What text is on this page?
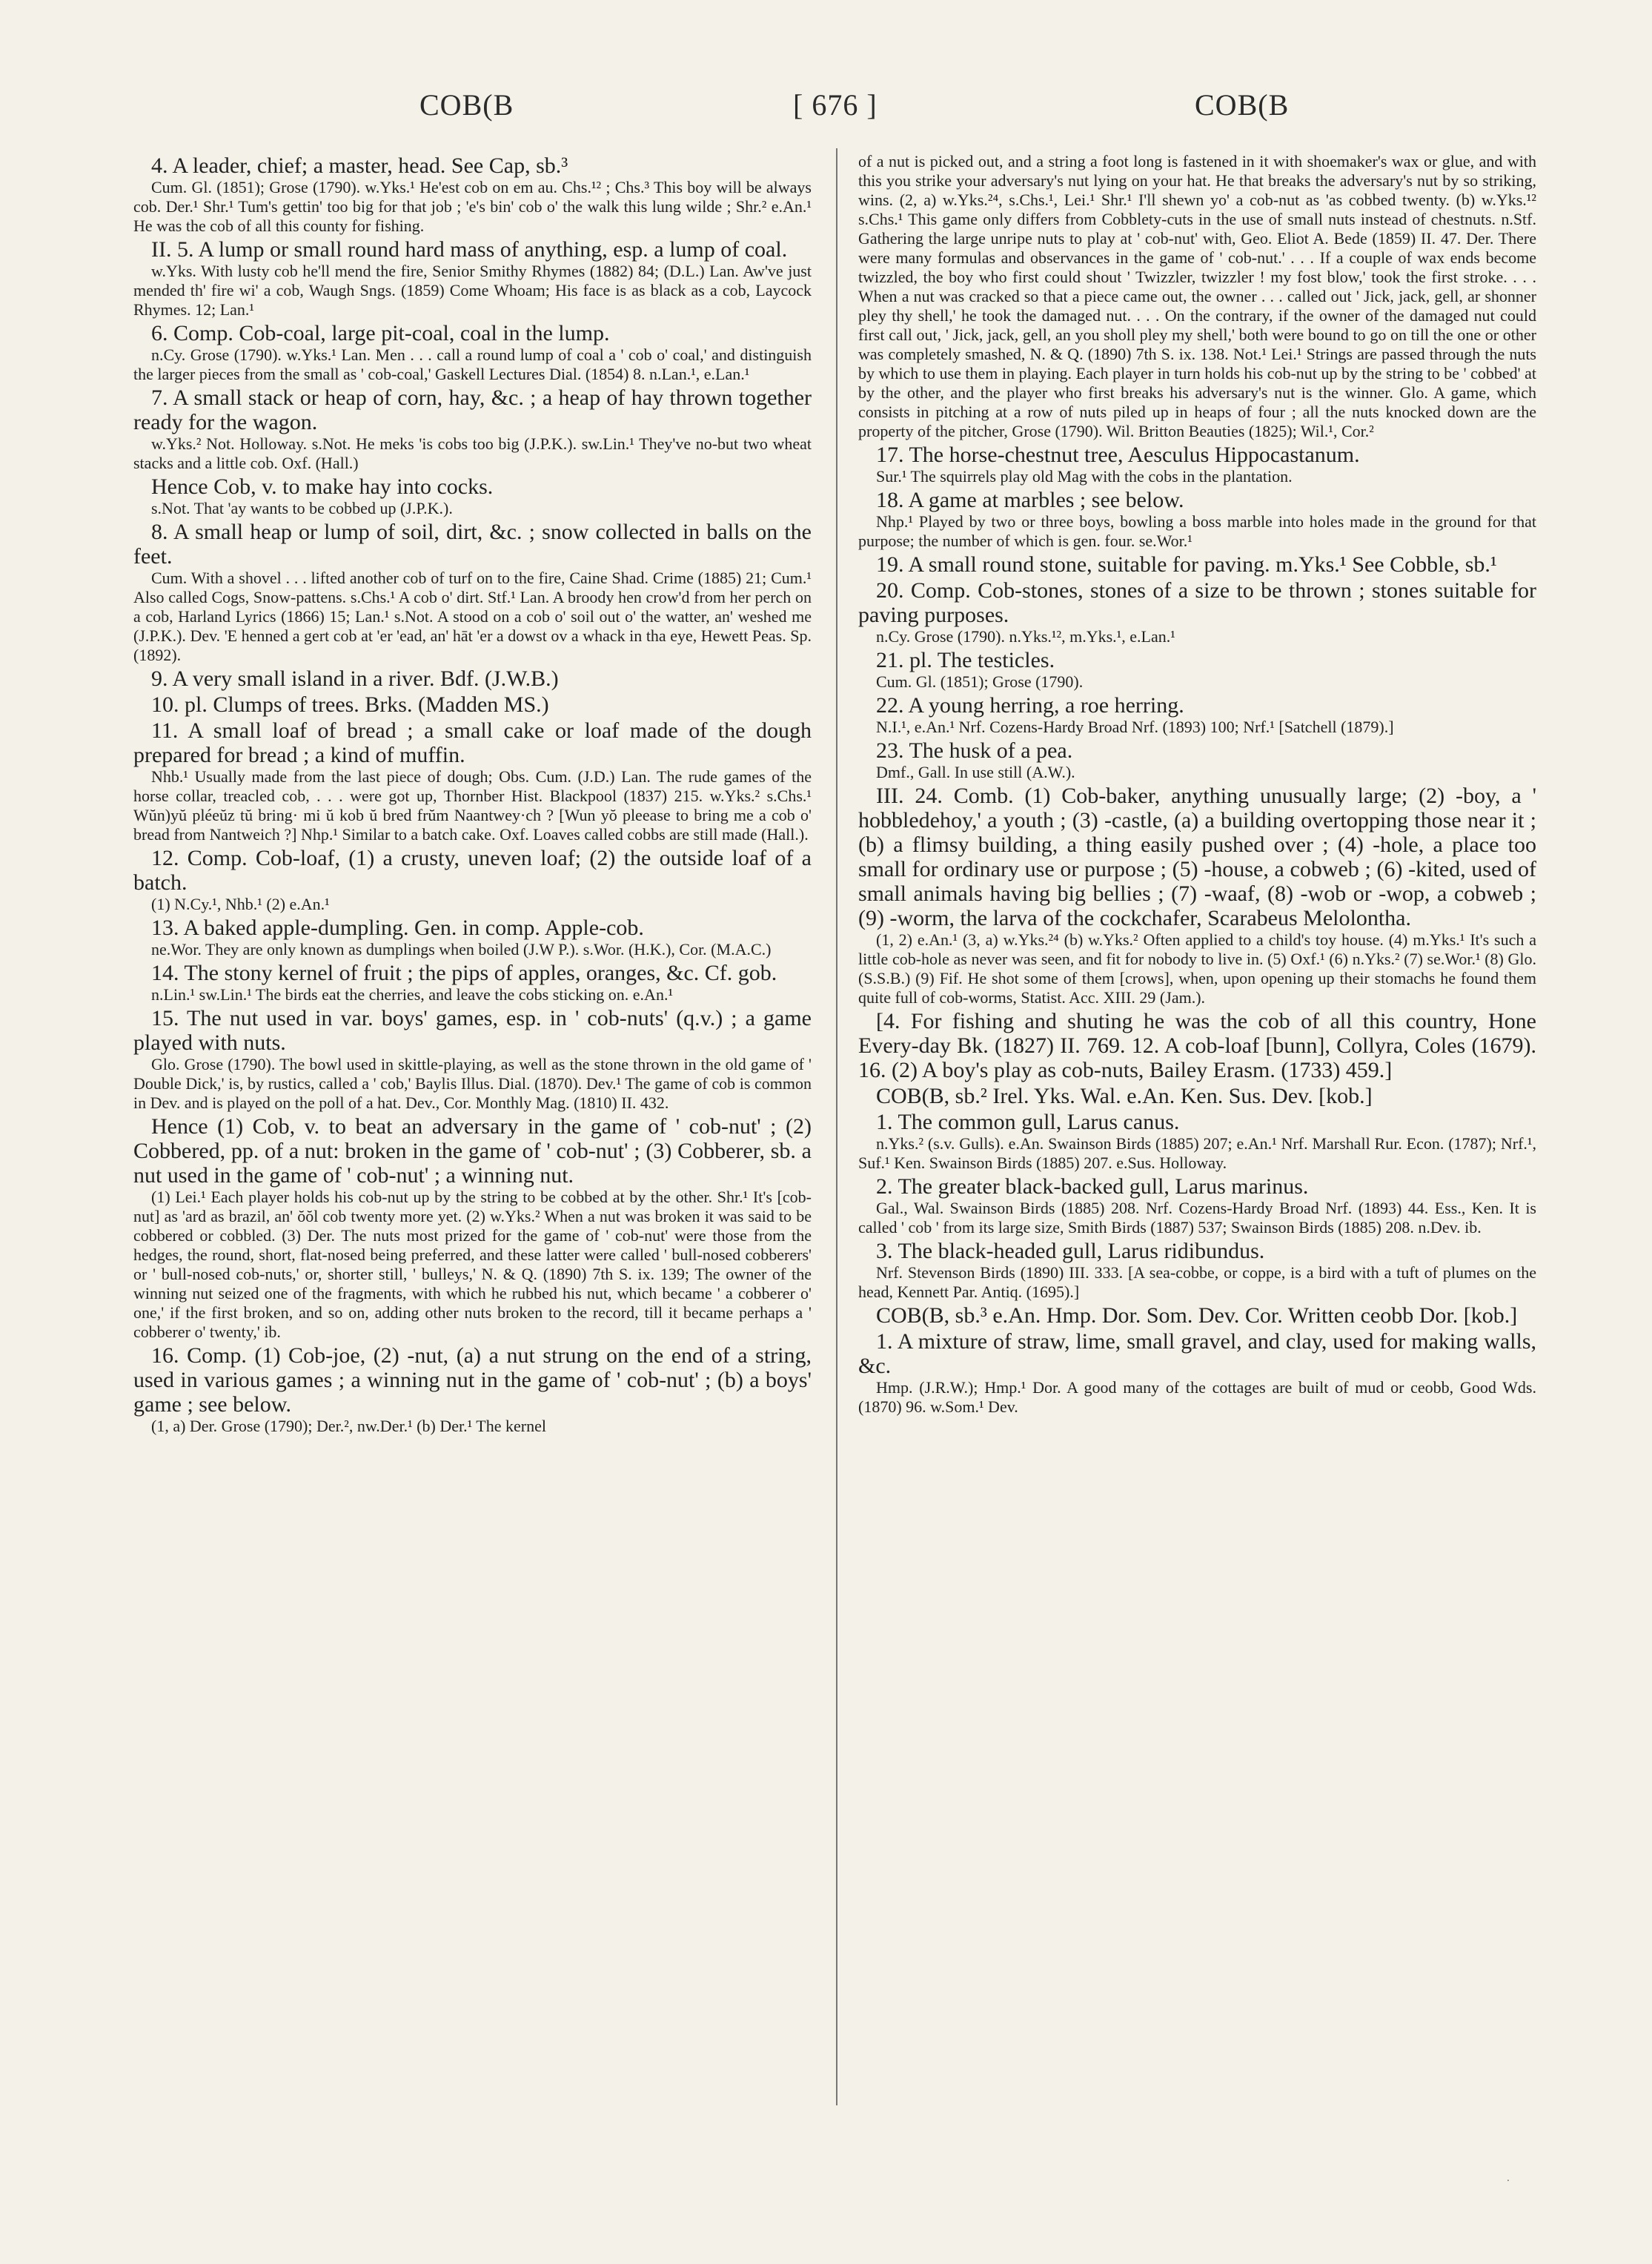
COB(B	[ 676 ]	COB(B

4. A leader, chief; a master, head. See Cap, sb.³

Cum. Gl. (1851); Grose (1790). w.Yks.¹ He'est cob on em au. Chs.¹² ; Chs.³ This boy will be always cob. Der.¹ Shr.¹ Tum's gettin' too big for that job ; 'e's bin' cob o' the walk this lung wilde ; Shr.² e.An.¹ He was the cob of all this county for fishing.

II. 5. A lump or small round hard mass of anything, esp. a lump of coal.

w.Yks. With lusty cob he'll mend the fire, Senior Smithy Rhymes (1882) 84; (D.L.) Lan. Aw've just mended th' fire wi' a cob, Waugh Sngs. (1859) Come Whoam; His face is as black as a cob, Laycock Rhymes. 12; Lan.¹

6. Comp. Cob-coal, large pit-coal, coal in the lump.

n.Cy. Grose (1790). w.Yks.¹ Lan. Men . . . call a round lump of coal a ' cob o' coal,' and distinguish the larger pieces from the small as ' cob-coal,' Gaskell Lectures Dial. (1854) 8. n.Lan.¹, e.Lan.¹

7. A small stack or heap of corn, hay, &c. ; a heap of hay thrown together ready for the wagon.

w.Yks.² Not. Holloway. s.Not. He meks 'is cobs too big (J.P.K.). sw.Lin.¹ They've no-but two wheat stacks and a little cob. Oxf. (Hall.)

Hence Cob, v. to make hay into cocks.

s.Not. That 'ay wants to be cobbed up (J.P.K.).

8. A small heap or lump of soil, dirt, &c. ; snow collected in balls on the feet.

Cum. With a shovel . . . lifted another cob of turf on to the fire, Caine Shad. Crime (1885) 21; Cum.¹ Also called Cogs, Snow-pattens. s.Chs.¹ A cob o' dirt. Stf.¹ Lan. A broody hen crow'd from her perch on a cob, Harland Lyrics (1866) 15; Lan.¹ s.Not. A stood on a cob o' soil out o' the watter, an' weshed me (J.P.K.). Dev. 'E henned a gert cob at 'er 'ead, an' hāt 'er a dowst ov a whack in tha eye, Hewett Peas. Sp. (1892).

9. A very small island in a river. Bdf. (J.W.B.)

10. pl. Clumps of trees. Brks. (Madden MS.)

11. A small loaf of bread ; a small cake or loaf made of the dough prepared for bread ; a kind of muffin.

Nhb.¹ Usually made from the last piece of dough; Obs. Cum. (J.D.) Lan. The rude games of the horse collar, treacled cob, . . . were got up, Thornber Hist. Blackpool (1837) 215. w.Yks.² s.Chs.¹ Wŭn)yŭ pléeŭz tŭ bring· mi ŭ kob ŭ bred frŭm Naantwey·ch ? [Wun yŏ pleease to bring me a cob o' bread from Nantweich ?] Nhp.¹ Similar to a batch cake. Oxf. Loaves called cobbs are still made (Hall.).

12. Comp. Cob-loaf, (1) a crusty, uneven loaf; (2) the outside loaf of a batch.

(1) N.Cy.¹, Nhb.¹ (2) e.An.¹

13. A baked apple-dumpling. Gen. in comp. Apple-cob.

ne.Wor. They are only known as dumplings when boiled (J.W P.). s.Wor. (H.K.), Cor. (M.A.C.)

14. The stony kernel of fruit ; the pips of apples, oranges, &c. Cf. gob.

n.Lin.¹ sw.Lin.¹ The birds eat the cherries, and leave the cobs sticking on. e.An.¹

15. The nut used in var. boys' games, esp. in ' cob-nuts' (q.v.) ; a game played with nuts.

Glo. Grose (1790). The bowl used in skittle-playing, as well as the stone thrown in the old game of ' Double Dick,' is, by rustics, called a ' cob,' Baylis Illus. Dial. (1870). Dev.¹ The game of cob is common in Dev. and is played on the poll of a hat. Dev., Cor. Monthly Mag. (1810) II. 432.

Hence (1) Cob, v. to beat an adversary in the game of ' cob-nut' ; (2) Cobbered, pp. of a nut: broken in the game of ' cob-nut' ; (3) Cobberer, sb. a nut used in the game of ' cob-nut' ; a winning nut.

(1) Lei.¹ Each player holds his cob-nut up by the string to be cobbed at by the other. Shr.¹ It's [cob-nut] as 'ard as brazil, an' ŏŏl cob twenty more yet. (2) w.Yks.² When a nut was broken it was said to be cobbered or cobbled. (3) Der. The nuts most prized for the game of ' cob-nut' were those from the hedges, the round, short, flat-nosed being preferred, and these latter were called ' bull-nosed cobberers' or ' bull-nosed cob-nuts,' or, shorter still, ' bulleys,' N. & Q. (1890) 7th S. ix. 139; The owner of the winning nut seized one of the fragments, with which he rubbed his nut, which became ' a cobberer o' one,' if the first broken, and so on, adding other nuts broken to the record, till it became perhaps a ' cobberer o' twenty,' ib.

16. Comp. (1) Cob-joe, (2) -nut, (a) a nut strung on the end of a string, used in various games ; a winning nut in the game of ' cob-nut' ; (b) a boys' game ; see below.

(1, a) Der. Grose (1790); Der.², nw.Der.¹ (b) Der.¹ The kernel

of a nut is picked out, and a string a foot long is fastened in it with shoemaker's wax or glue, and with this you strike your adversary's nut lying on your hat. He that breaks the adversary's nut by so striking, wins. (2, a) w.Yks.²⁴, s.Chs.¹, Lei.¹ Shr.¹ I'll shewn yo' a cob-nut as 'as cobbed twenty. (b) w.Yks.¹² s.Chs.¹ This game only differs from Cobblety-cuts in the use of small nuts instead of chestnuts. n.Stf. Gathering the large unripe nuts to play at ' cob-nut' with, Geo. Eliot A. Bede (1859) II. 47. Der. There were many formulas and observances in the game of ' cob-nut.' . . . If a couple of wax ends become twizzled, the boy who first could shout ' Twizzler, twizzler ! my fost blow,' took the first stroke. . . . When a nut was cracked so that a piece came out, the owner . . . called out ' Jick, jack, gell, ar shonner pley thy shell,' he took the damaged nut. . . . On the contrary, if the owner of the damaged nut could first call out, ' Jick, jack, gell, an you sholl pley my shell,' both were bound to go on till the one or other was completely smashed, N. & Q. (1890) 7th S. ix. 138. Not.¹ Lei.¹ Strings are passed through the nuts by which to use them in playing. Each player in turn holds his cob-nut up by the string to be ' cobbed' at by the other, and the player who first breaks his adversary's nut is the winner. Glo. A game, which consists in pitching at a row of nuts piled up in heaps of four ; all the nuts knocked down are the property of the pitcher, Grose (1790). Wil. Britton Beauties (1825); Wil.¹, Cor.²

17. The horse-chestnut tree, Aesculus Hippocastanum.

Sur.¹ The squirrels play old Mag with the cobs in the plantation.

18. A game at marbles ; see below.

Nhp.¹ Played by two or three boys, bowling a boss marble into holes made in the ground for that purpose; the number of which is gen. four. se.Wor.¹

19. A small round stone, suitable for paving. m.Yks.¹ See Cobble, sb.¹

20. Comp. Cob-stones, stones of a size to be thrown ; stones suitable for paving purposes.

n.Cy. Grose (1790). n.Yks.¹², m.Yks.¹, e.Lan.¹

21. pl. The testicles.

Cum. Gl. (1851); Grose (1790).

22. A young herring, a roe herring.

N.I.¹, e.An.¹ Nrf. Cozens-Hardy Broad Nrf. (1893) 100; Nrf.¹ [Satchell (1879).]

23. The husk of a pea.

Dmf., Gall. In use still (A.W.).

III. 24. Comb. (1) Cob-baker, anything unusually large; (2) -boy, a ' hobbledehoy,' a youth ; (3) -castle, (a) a building overtopping those near it ; (b) a flimsy building, a thing easily pushed over ; (4) -hole, a place too small for ordinary use or purpose ; (5) -house, a cobweb ; (6) -kited, used of small animals having big bellies ; (7) -waaf, (8) -wob or -wop, a cobweb ; (9) -worm, the larva of the cockchafer, Scarabeus Melolontha.

(1, 2) e.An.¹ (3, a) w.Yks.²⁴ (b) w.Yks.² Often applied to a child's toy house. (4) m.Yks.¹ It's such a little cob-hole as never was seen, and fit for nobody to live in. (5) Oxf.¹ (6) n.Yks.² (7) se.Wor.¹ (8) Glo. (S.S.B.) (9) Fif. He shot some of them [crows], when, upon opening up their stomachs he found them quite full of cob-worms, Statist. Acc. XIII. 29 (Jam.).

[4. For fishing and shuting he was the cob of all this country, Hone Every-day Bk. (1827) II. 769. 12. A cob-loaf [bunn], Collyra, Coles (1679). 16. (2) A boy's play as cob-nuts, Bailey Erasm. (1733) 459.]

COB(B, sb.² Irel. Yks. Wal. e.An. Ken. Sus. Dev. [kob.]

1. The common gull, Larus canus.

n.Yks.² (s.v. Gulls). e.An. Swainson Birds (1885) 207; e.An.¹ Nrf. Marshall Rur. Econ. (1787); Nrf.¹, Suf.¹ Ken. Swainson Birds (1885) 207. e.Sus. Holloway.

2. The greater black-backed gull, Larus marinus.

Gal., Wal. Swainson Birds (1885) 208. Nrf. Cozens-Hardy Broad Nrf. (1893) 44. Ess., Ken. It is called ' cob ' from its large size, Smith Birds (1887) 537; Swainson Birds (1885) 208. n.Dev. ib.

3. The black-headed gull, Larus ridibundus.

Nrf. Stevenson Birds (1890) III. 333. [A sea-cobbe, or coppe, is a bird with a tuft of plumes on the head, Kennett Par. Antiq. (1695).]

COB(B, sb.³ e.An. Hmp. Dor. Som. Dev. Cor. Written ceobb Dor. [kob.]

1. A mixture of straw, lime, small gravel, and clay, used for making walls, &c.

Hmp. (J.R.W.); Hmp.¹ Dor. A good many of the cottages are built of mud or ceobb, Good Wds. (1870) 96. w.Som.¹ Dev.

⸱
